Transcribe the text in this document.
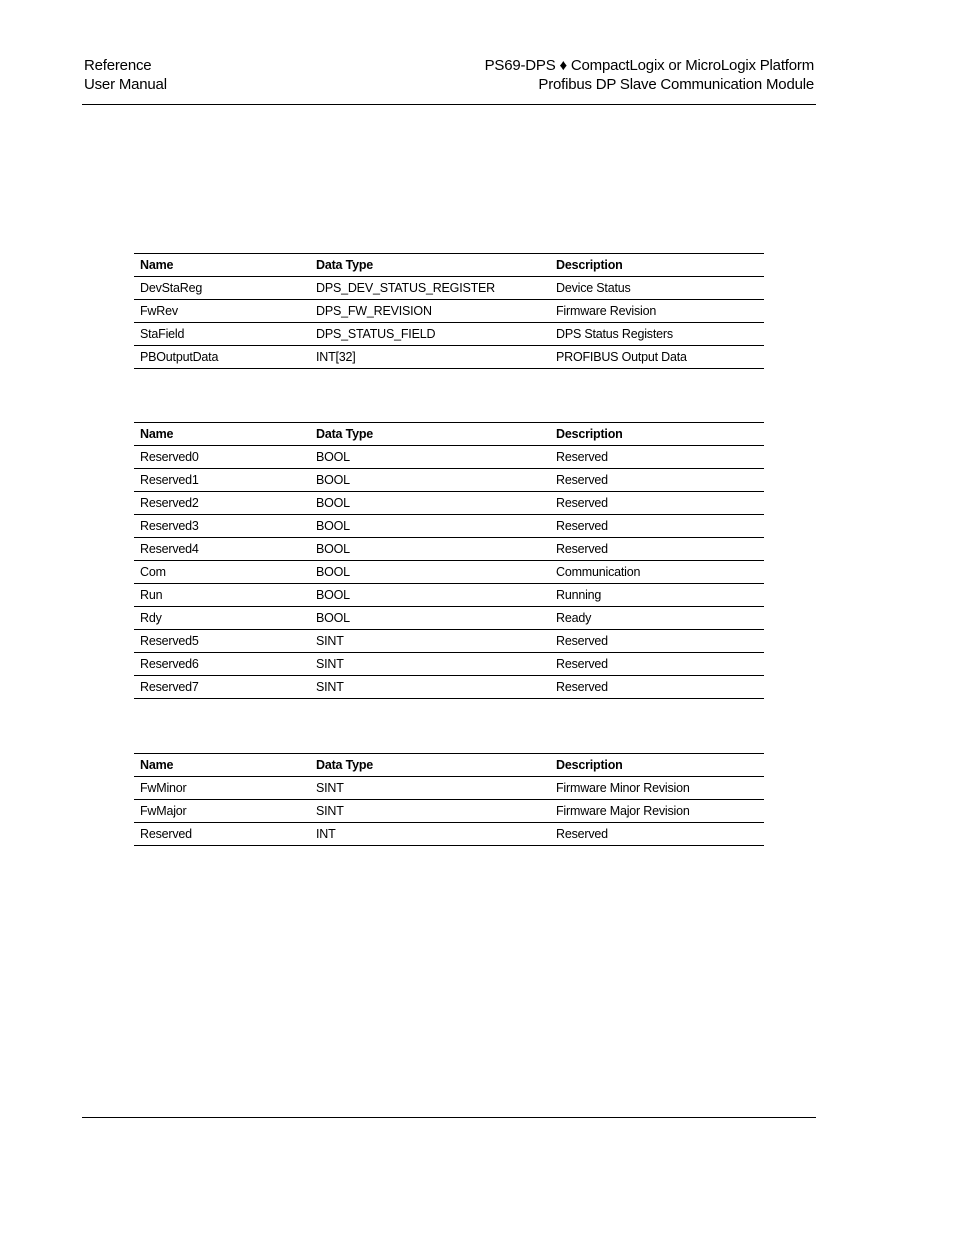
Reference
User Manual
PS69-DPS ♦ CompactLogix or MicroLogix Platform
Profibus DP Slave Communication Module
Name	Data Type	Description
DevStaReg	DPS_DEV_STATUS_REGISTER	Device Status
FwRev	DPS_FW_REVISION	Firmware Revision
StaField	DPS_STATUS_FIELD	DPS Status Registers
PBOutputData	INT[32]	PROFIBUS Output Data
Name	Data Type	Description
Reserved0	BOOL	Reserved
Reserved1	BOOL	Reserved
Reserved2	BOOL	Reserved
Reserved3	BOOL	Reserved
Reserved4	BOOL	Reserved
Com	BOOL	Communication
Run	BOOL	Running
Rdy	BOOL	Ready
Reserved5	SINT	Reserved
Reserved6	SINT	Reserved
Reserved7	SINT	Reserved
Name	Data Type	Description
FwMinor	SINT	Firmware Minor Revision
FwMajor	SINT	Firmware Major Revision
Reserved	INT	Reserved
